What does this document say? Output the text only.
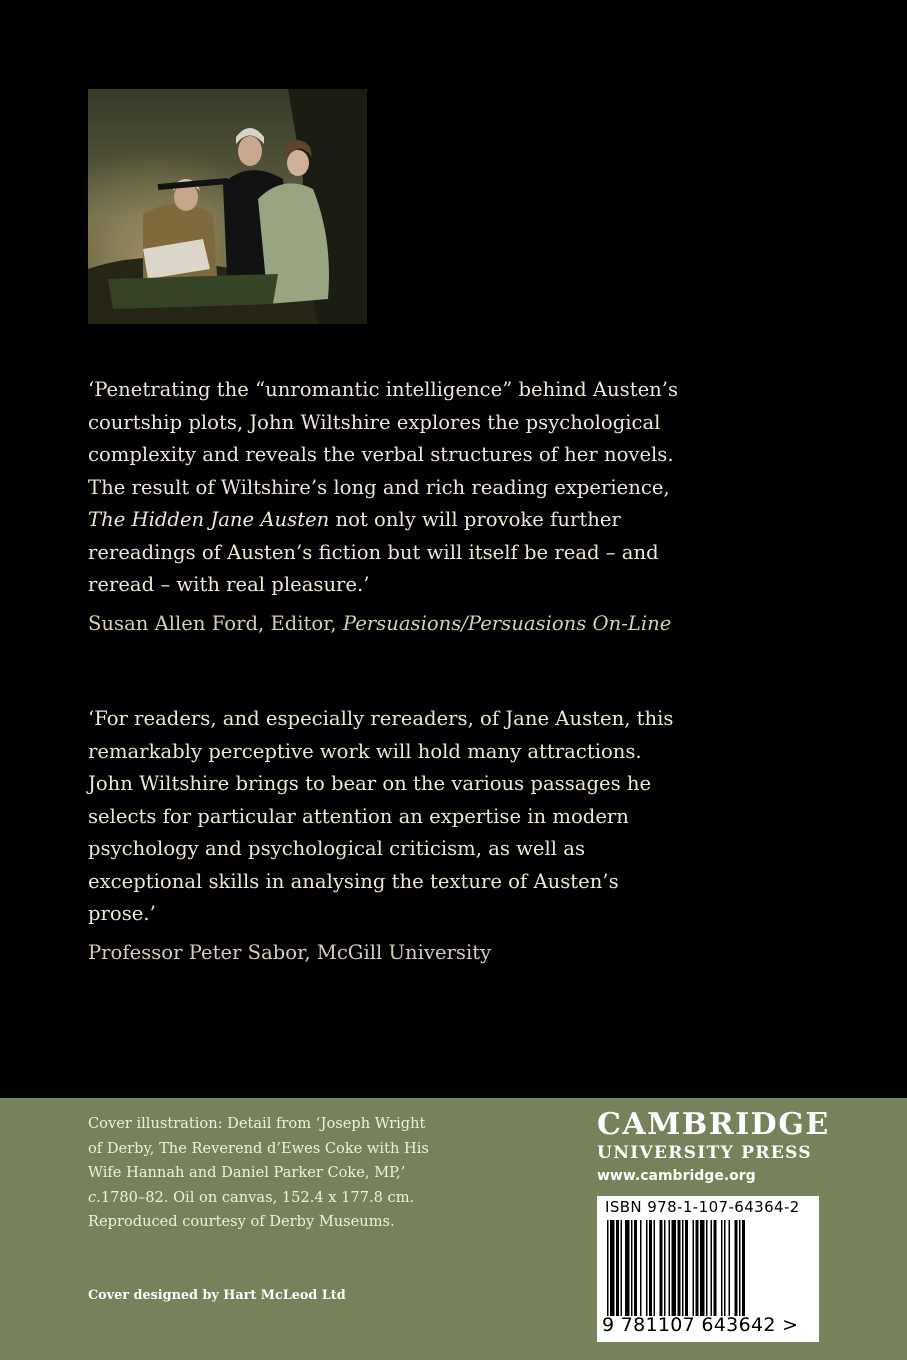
‘Penetrating the “unromantic intelligence” behind Austen’s
courtship plots, John Wiltshire explores the psychological
complexity and reveals the verbal structures of her novels.
The result of Wiltshire’s long and rich reading experience,
The Hidden Jane Austen not only will provoke further
rereadings of Austen’s fiction but will itself be read – and
reread – with real pleasure.’

Susan Allen Ford, Editor, Persuasions/Persuasions On-Line

‘For readers, and especially rereaders, of Jane Austen, this
remarkably perceptive work will hold many attractions.
John Wiltshire brings to bear on the various passages he
selects for particular attention an expertise in modern
psychology and psychological criticism, as well as
exceptional skills in analysing the texture of Austen’s prose.’

Professor Peter Sabor, McGill University

Cover illustration: Detail from ‘Joseph Wright
of Derby, The Reverend d’Ewes Coke with His
Wife Hannah and Daniel Parker Coke, MP,’
c.1780–82. Oil on canvas, 152.4 x 177.8 cm.
Reproduced courtesy of Derby Museums.
Cover designed by Hart McLeod Ltd
CAMBRIDGE
UNIVERSITY PRESS
www.cambridge.org
ISBN 978-1-107-64364-2
9 781107 643642 >
